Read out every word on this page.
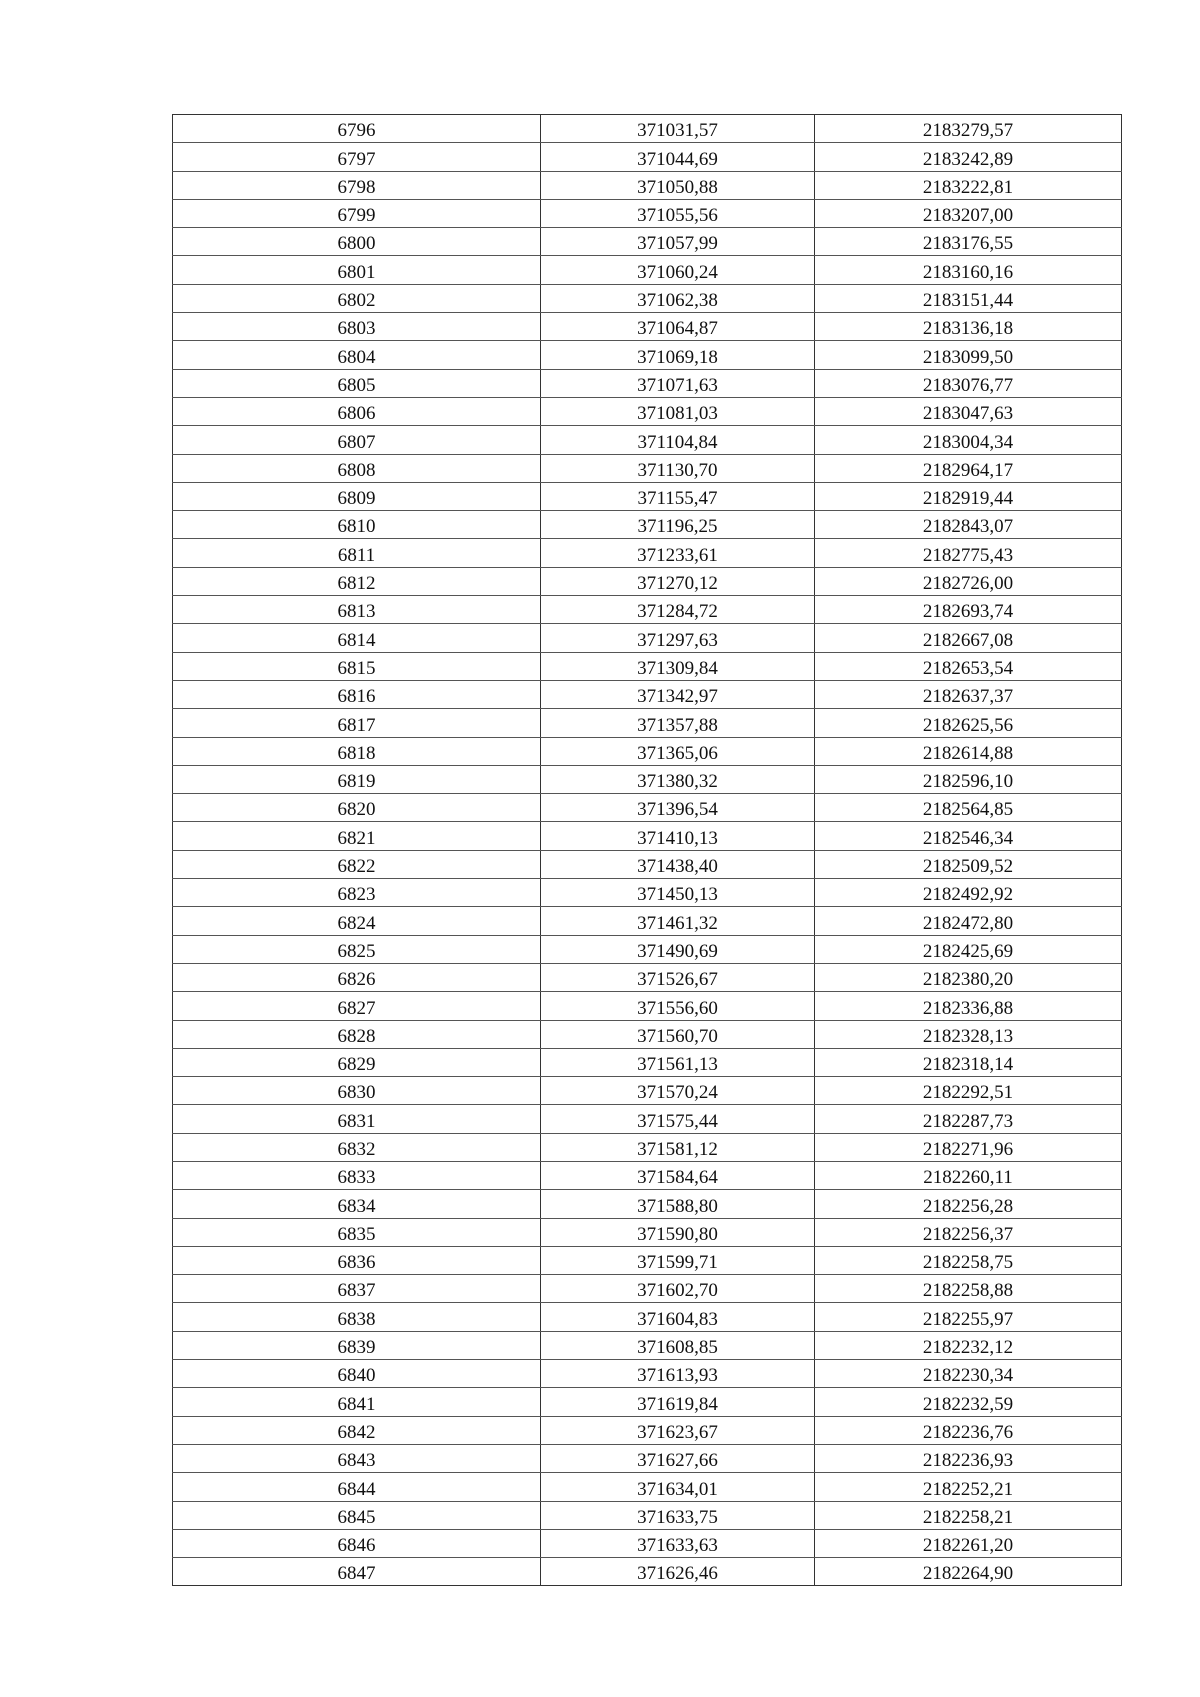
6796	371031,57	2183279,57
6797	371044,69	2183242,89
6798	371050,88	2183222,81
6799	371055,56	2183207,00
6800	371057,99	2183176,55
6801	371060,24	2183160,16
6802	371062,38	2183151,44
6803	371064,87	2183136,18
6804	371069,18	2183099,50
6805	371071,63	2183076,77
6806	371081,03	2183047,63
6807	371104,84	2183004,34
6808	371130,70	2182964,17
6809	371155,47	2182919,44
6810	371196,25	2182843,07
6811	371233,61	2182775,43
6812	371270,12	2182726,00
6813	371284,72	2182693,74
6814	371297,63	2182667,08
6815	371309,84	2182653,54
6816	371342,97	2182637,37
6817	371357,88	2182625,56
6818	371365,06	2182614,88
6819	371380,32	2182596,10
6820	371396,54	2182564,85
6821	371410,13	2182546,34
6822	371438,40	2182509,52
6823	371450,13	2182492,92
6824	371461,32	2182472,80
6825	371490,69	2182425,69
6826	371526,67	2182380,20
6827	371556,60	2182336,88
6828	371560,70	2182328,13
6829	371561,13	2182318,14
6830	371570,24	2182292,51
6831	371575,44	2182287,73
6832	371581,12	2182271,96
6833	371584,64	2182260,11
6834	371588,80	2182256,28
6835	371590,80	2182256,37
6836	371599,71	2182258,75
6837	371602,70	2182258,88
6838	371604,83	2182255,97
6839	371608,85	2182232,12
6840	371613,93	2182230,34
6841	371619,84	2182232,59
6842	371623,67	2182236,76
6843	371627,66	2182236,93
6844	371634,01	2182252,21
6845	371633,75	2182258,21
6846	371633,63	2182261,20
6847	371626,46	2182264,90
